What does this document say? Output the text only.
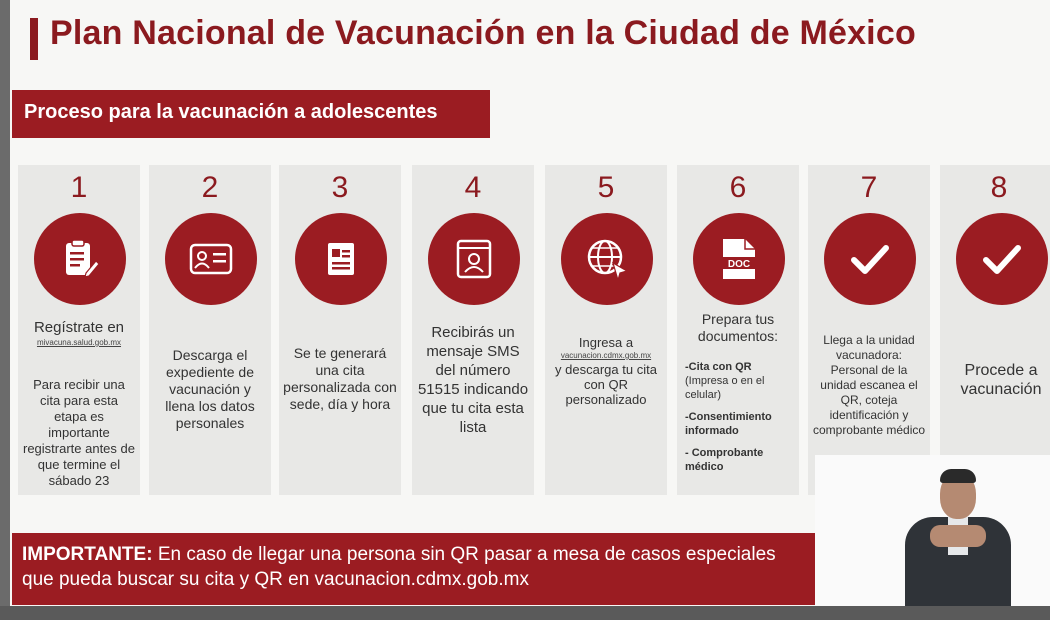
Plan Nacional de Vacunación en la Ciudad de México
Proceso para la vacunación a adolescentes
1
Regístrate en
mivacuna.salud.gob.mx
Para recibir una cita para esta etapa es importante registrarte antes de que termine el sábado 23
2
Descarga el expediente de vacunación y llena los datos personales
3
Se te generará una cita personalizada con sede, día y hora
4
Recibirás un mensaje SMS del número 51515 indicando que tu cita esta lista
5
Ingresa a
vacunacion.cdmx.gob.mx
y descarga tu cita con QR personalizado
6
DOC
Prepara tus documentos:
-Cita con QR
(Impresa o en el celular)
-Consentimiento informado
- Comprobante médico
7
Llega a la unidad vacunadora: Personal de la unidad escanea el QR, coteja identificación y comprobante médico
8
Procede a vacunación

IMPORTANTE: En caso de llegar una persona sin QR pasar a mesa de casos especiales que pueda buscar su cita y QR en vacunacion.cdmx.gob.mx
